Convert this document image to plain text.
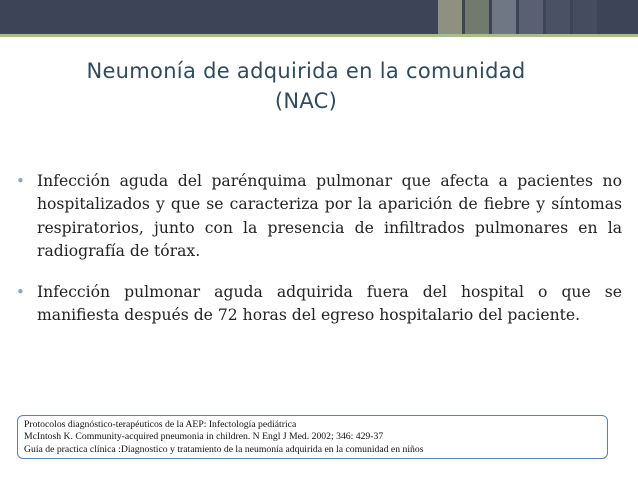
Neumonía de adquirida en la comunidad
(NAC)
• Infección aguda del parénquima pulmonar que afecta a pacientes no hospitalizados y que se caracteriza por la aparición de fiebre y síntomas respiratorios, junto con la presencia de infiltrados pulmonares en la radiografía de tórax.
• Infección pulmonar aguda adquirida fuera del hospital o que se manifiesta después de 72 horas del egreso hospitalario del paciente.
Protocolos diagnóstico-terapéuticos de la AEP: Infectología pediátrica
McIntosh K. Community-acquired pneumonia in children. N Engl J Med. 2002; 346: 429-37
Guía de practica clínica :Diagnostico y tratamiento de la neumonía adquirida en la comunidad en niños
